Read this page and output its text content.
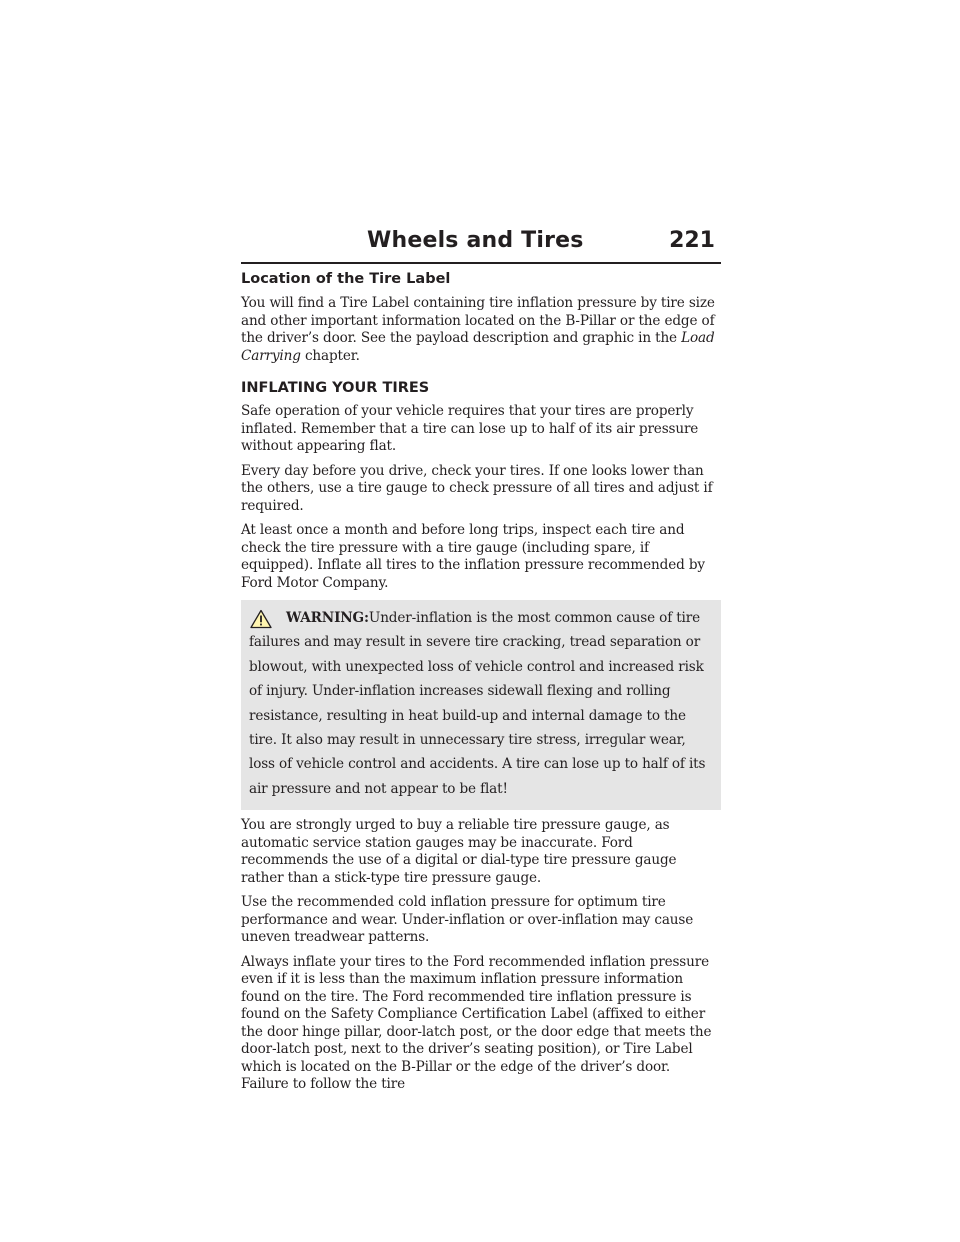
Wheels and Tires	221
Location of the Tire Label

You will find a Tire Label containing tire inflation pressure by tire size and other important information located on the B-Pillar or the edge of the driver’s door. See the payload description and graphic in the Load Carrying chapter.

INFLATING YOUR TIRES

Safe operation of your vehicle requires that your tires are properly inflated. Remember that a tire can lose up to half of its air pressure without appearing flat.

Every day before you drive, check your tires. If one looks lower than the others, use a tire gauge to check pressure of all tires and adjust if required.

At least once a month and before long trips, inspect each tire and check the tire pressure with a tire gauge (including spare, if equipped). Inflate all tires to the inflation pressure recommended by Ford Motor Company.

WARNING:Under-inflation is the most common cause of tire failures and may result in severe tire cracking, tread separation or blowout, with unexpected loss of vehicle control and increased risk of injury. Under-inflation increases sidewall flexing and rolling resistance, resulting in heat build-up and internal damage to the tire. It also may result in unnecessary tire stress, irregular wear, loss of vehicle control and accidents. A tire can lose up to half of its air pressure and not appear to be flat!

You are strongly urged to buy a reliable tire pressure gauge, as automatic service station gauges may be inaccurate. Ford recommends the use of a digital or dial-type tire pressure gauge rather than a stick-type tire pressure gauge.

Use the recommended cold inflation pressure for optimum tire performance and wear. Under-inflation or over-inflation may cause uneven treadwear patterns.

Always inflate your tires to the Ford recommended inflation pressure even if it is less than the maximum inflation pressure information found on the tire. The Ford recommended tire inflation pressure is found on the Safety Compliance Certification Label (affixed to either the door hinge pillar, door-latch post, or the door edge that meets the door-latch post, next to the driver’s seating position), or Tire Label which is located on the B-Pillar or the edge of the driver’s door. Failure to follow the tire
